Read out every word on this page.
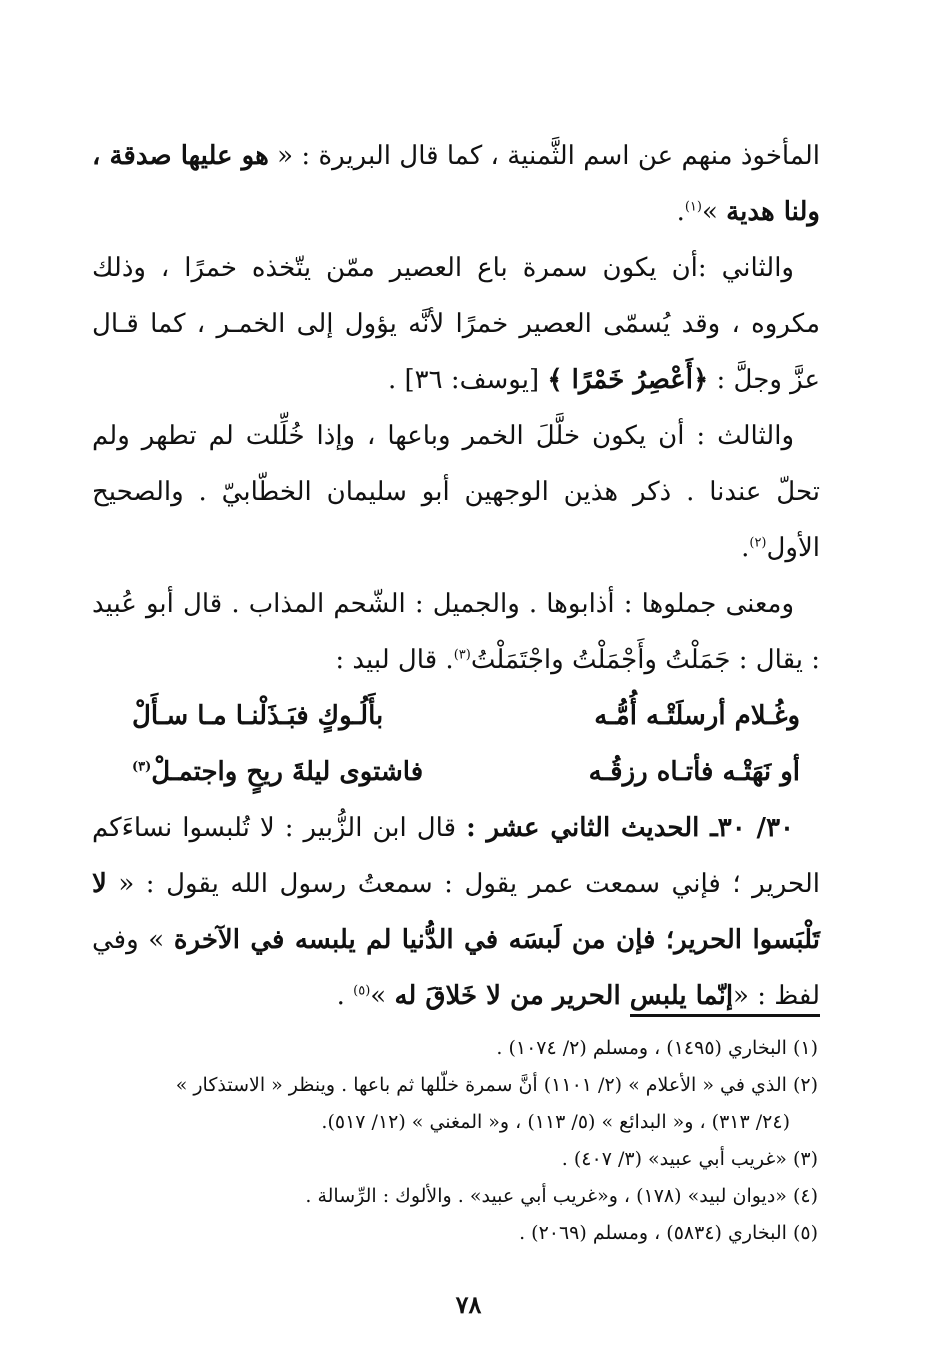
المأخوذ منهم عن اسم الثَّمنية ، كما قال البريرة : « هو عليها صدقة ، ولنا هدية »$^{(١)}$.

والثاني :أن يكون سمرة باع العصير ممّن يتّخذه خمرًا ، وذلك مكروه ، وقد يُسمّى العصير خمرًا لأنَّه يؤول إلى الخمـر ، كما قـال عزَّ وجلَّ : ﴿أَعْصِرُ خَمْرًا ﴾ [يوسف: ٣٦] .

والثالث : أن يكون خلَّلَ الخمر وباعها ، وإذا خُلِّلت لم تطهر ولم تحلّ عندنا . ذكر هذين الوجهين أبو سليمان الخطّابيّ . والصحيح الأول$^{(٢)}$.

ومعنى جملوها : أذابوها . والجميل : الشّحم المذاب . قال أبو عُبيد : يقال : جَمَلْتُ وأَجْمَلْتُ واجْتَمَلْتُ$^{(٣)}$. قال لبيد :

وغُـلام أرسلَتْـه أُمُّـه
بأَلُـوكٍ فبَـذَلْنـا مـا سـأَلْ
أو نَهَتْـه فأتـاه رزقُـه
فاشتوى ليلةَ ريحٍ واجتمـلْ$^{(٣)}$

٣٠/ ٣٠ـ الحديث الثاني عشر : قال ابن الزُّبير : لا تُلبسوا نساءَكم الحرير ؛ فإني سمعت عمر يقول : سمعتُ رسول الله يقول : « لا تَلْبَسوا الحرير؛ فإن من لَبسَه في الدُّنيا لم يلبسه في الآخرة » وفي لفظ : «إنّما يلبس الحرير من لا خَلاقَ له »$^{(٥)}$ .

(١) البخاري (١٤٩٥) ، ومسلم (٢/ ١٠٧٤) .

(٢) الذي في « الأعلام » (٢/ ١١٠١) أنَّ سمرة خلّلها ثم باعها . وينظر « الاستذكار »

(٢٤/ ٣١٣) ، و« البدائع » (٥/ ١١٣) ، و« المغني » (١٢/ ٥١٧).

(٣) «غريب أبي عبيد» (٣/ ٤٠٧) .

(٤) «ديوان لبيد» (١٧٨) ، و«غريب أبي عبيد» . والألوك : الرِّسالة .

(٥) البخاري (٥٨٣٤) ، ومسلم (٢٠٦٩) .

٧٨
